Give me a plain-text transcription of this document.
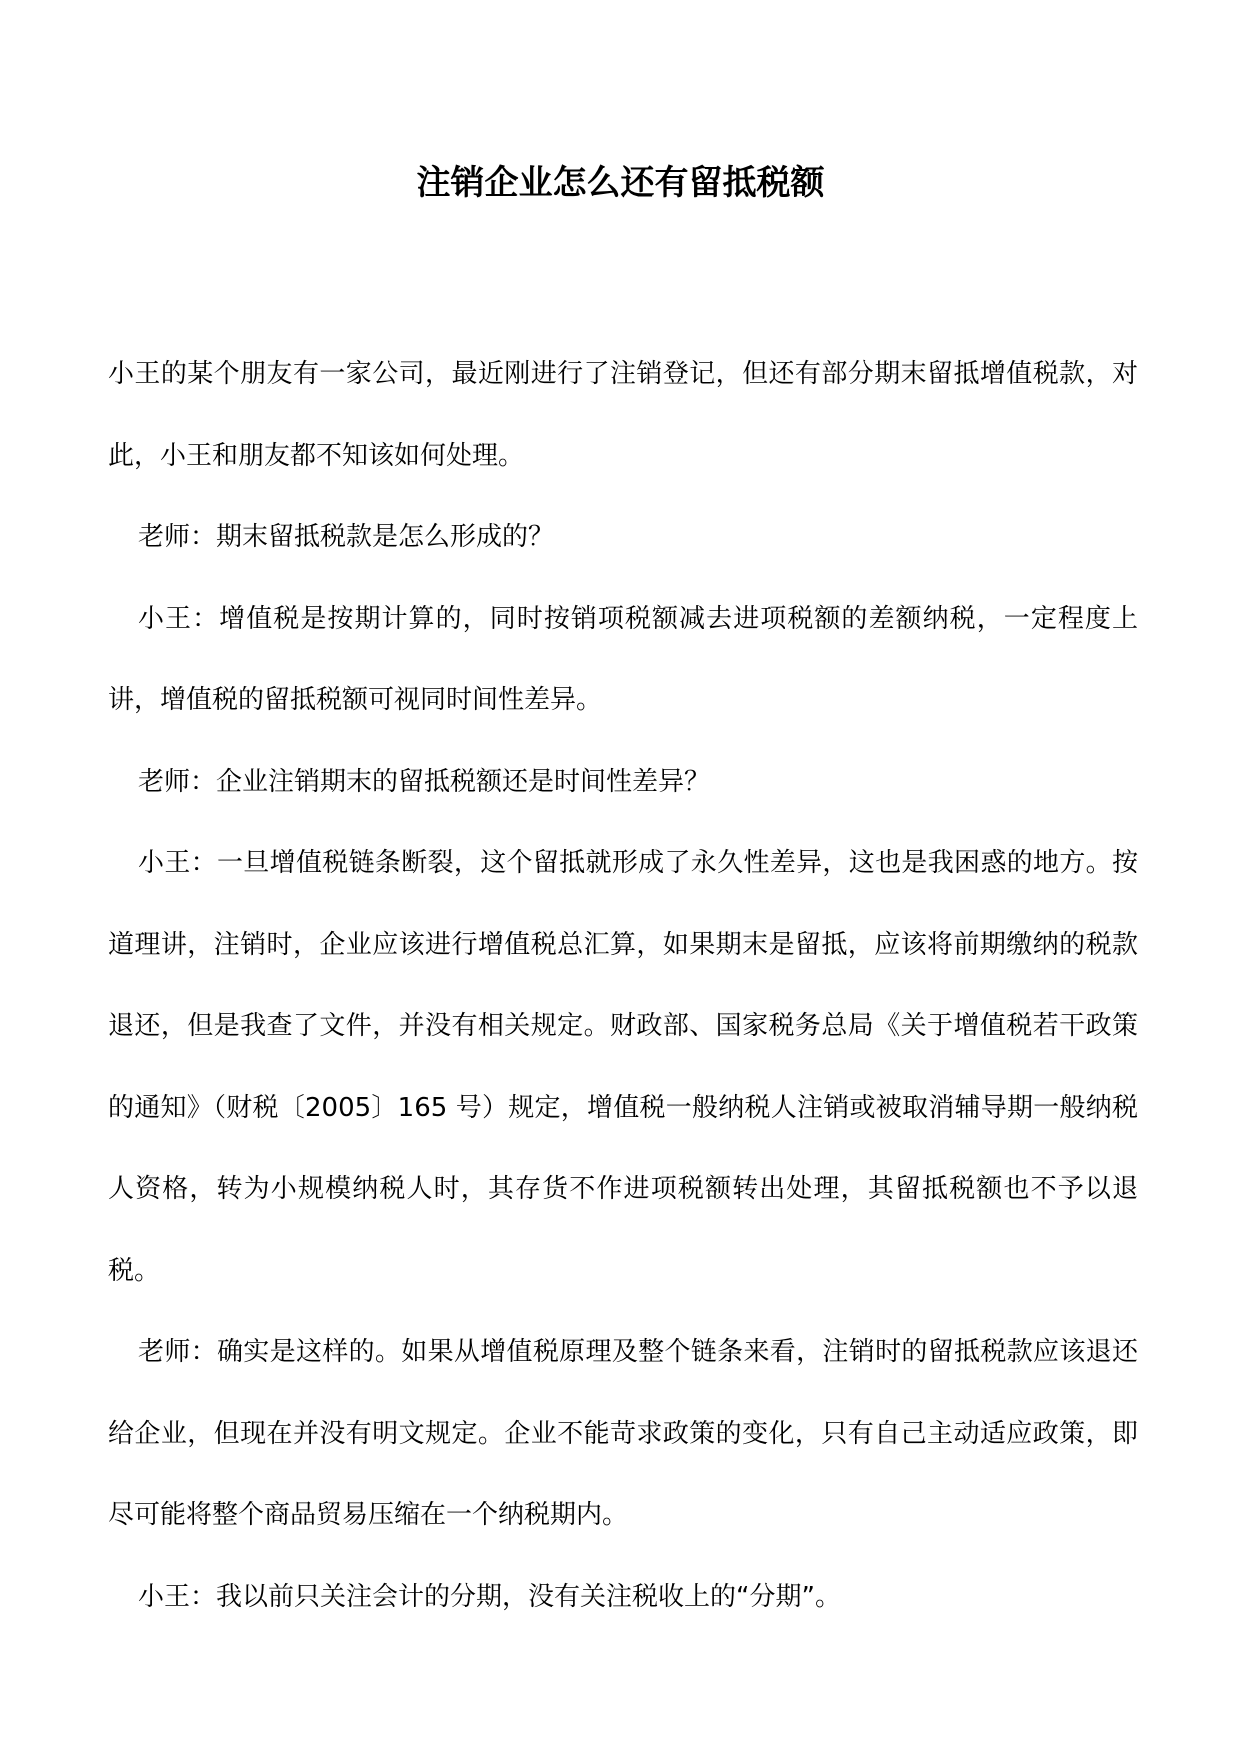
注销企业怎么还有留抵税额

小王的某个朋友有一家公司，最近刚进行了注销登记，但还有部分期末留抵增值税款，对此，小王和朋友都不知该如何处理。

老师：期末留抵税款是怎么形成的？

小王：增值税是按期计算的，同时按销项税额减去进项税额的差额纳税，一定程度上讲，增值税的留抵税额可视同时间性差异。

老师：企业注销期末的留抵税额还是时间性差异？

小王：一旦增值税链条断裂，这个留抵就形成了永久性差异，这也是我困惑的地方。按道理讲，注销时，企业应该进行增值税总汇算，如果期末是留抵，应该将前期缴纳的税款退还，但是我查了文件，并没有相关规定。财政部、国家税务总局《关于增值税若干政策的通知》（财税〔2005〕165 号）规定，增值税一般纳税人注销或被取消辅导期一般纳税人资格，转为小规模纳税人时，其存货不作进项税额转出处理，其留抵税额也不予以退税。

老师：确实是这样的。如果从增值税原理及整个链条来看，注销时的留抵税款应该退还给企业，但现在并没有明文规定。企业不能苛求政策的变化，只有自己主动适应政策，即尽可能将整个商品贸易压缩在一个纳税期内。

小王：我以前只关注会计的分期，没有关注税收上的“分期”。
